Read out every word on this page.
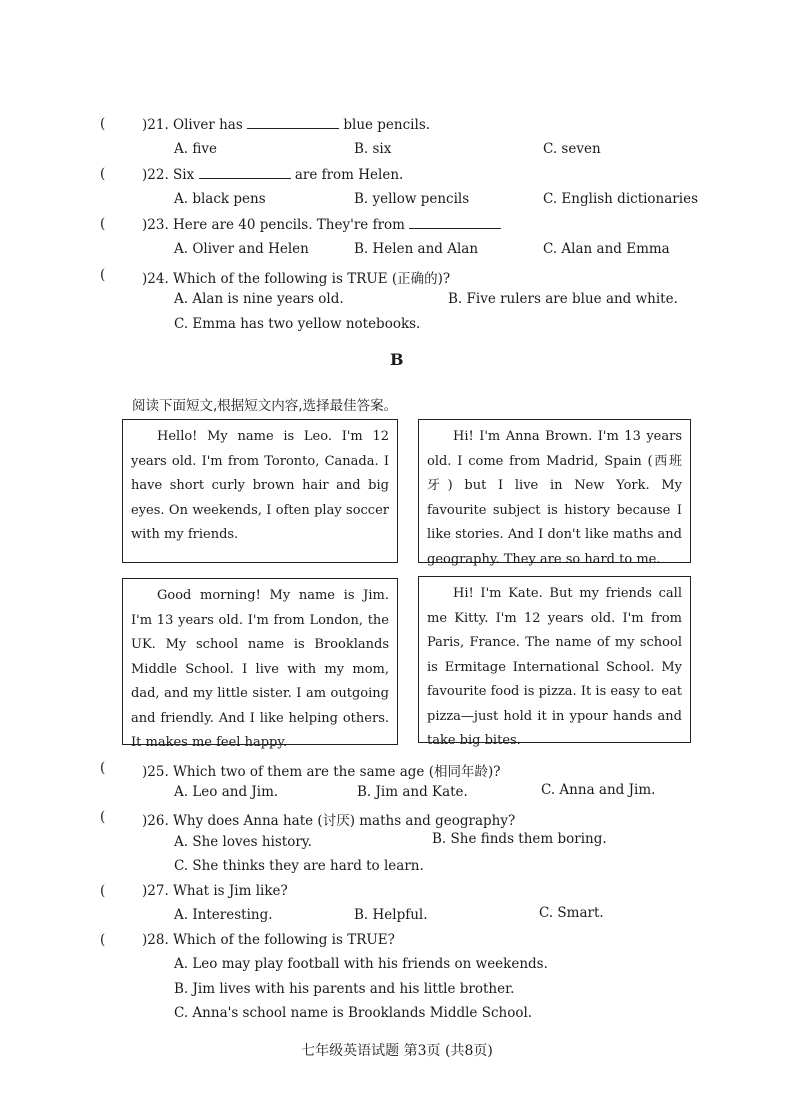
(	)21. Oliver has	blue pencils.
A. five	B. six	C. seven
(	)22. Six	are from Helen.
A. black pens	B. yellow pencils	C. English dictionaries
(	)23. Here are 40 pencils. They're from
A. Oliver and Helen	B. Helen and Alan	C. Alan and Emma
(	)24. Which of the following is TRUE (正确的)?
A. Alan is nine years old.	B. Five rulers are blue and white.
C. Emma has two yellow notebooks.
B
阅读下面短文,根据短文内容,选择最佳答案。

Hello! My name is Leo. I'm 12 years old. I'm from Toronto, Canada. I have short curly brown hair and big eyes. On weekends, I often play soccer with my friends.

Hi! I'm Anna Brown. I'm 13 years old. I come from Madrid, Spain (西班牙) but I live in New York. My favourite subject is history because I like stories. And I don't like maths and geography. They are so hard to me.

Good morning! My name is Jim. I'm 13 years old. I'm from London, the UK. My school name is Brooklands Middle School. I live with my mom, dad, and my little sister. I am outgoing and friendly. And I like helping others. It makes me feel happy.

Hi! I'm Kate. But my friends call me Kitty. I'm 12 years old. I'm from Paris, France. The name of my school is Ermitage International School. My favourite food is pizza. It is easy to eat pizza—just hold it in ypour hands and take big bites.

(	)25. Which two of them are the same age (相同年龄)?
A. Leo and Jim.	B. Jim and Kate.	C. Anna and Jim.
(	)26. Why does Anna hate (讨厌) maths and geography?
A. She loves history.	B. She finds them boring.
C. She thinks they are hard to learn.
(	)27. What is Jim like?
A. Interesting.	B. Helpful.	C. Smart.
(	)28. Which of the following is TRUE?
A. Leo may play football with his friends on weekends.
B. Jim lives with his parents and his little brother.
C. Anna's school name is Brooklands Middle School.
七年级英语试题 第3页 (共8页)
